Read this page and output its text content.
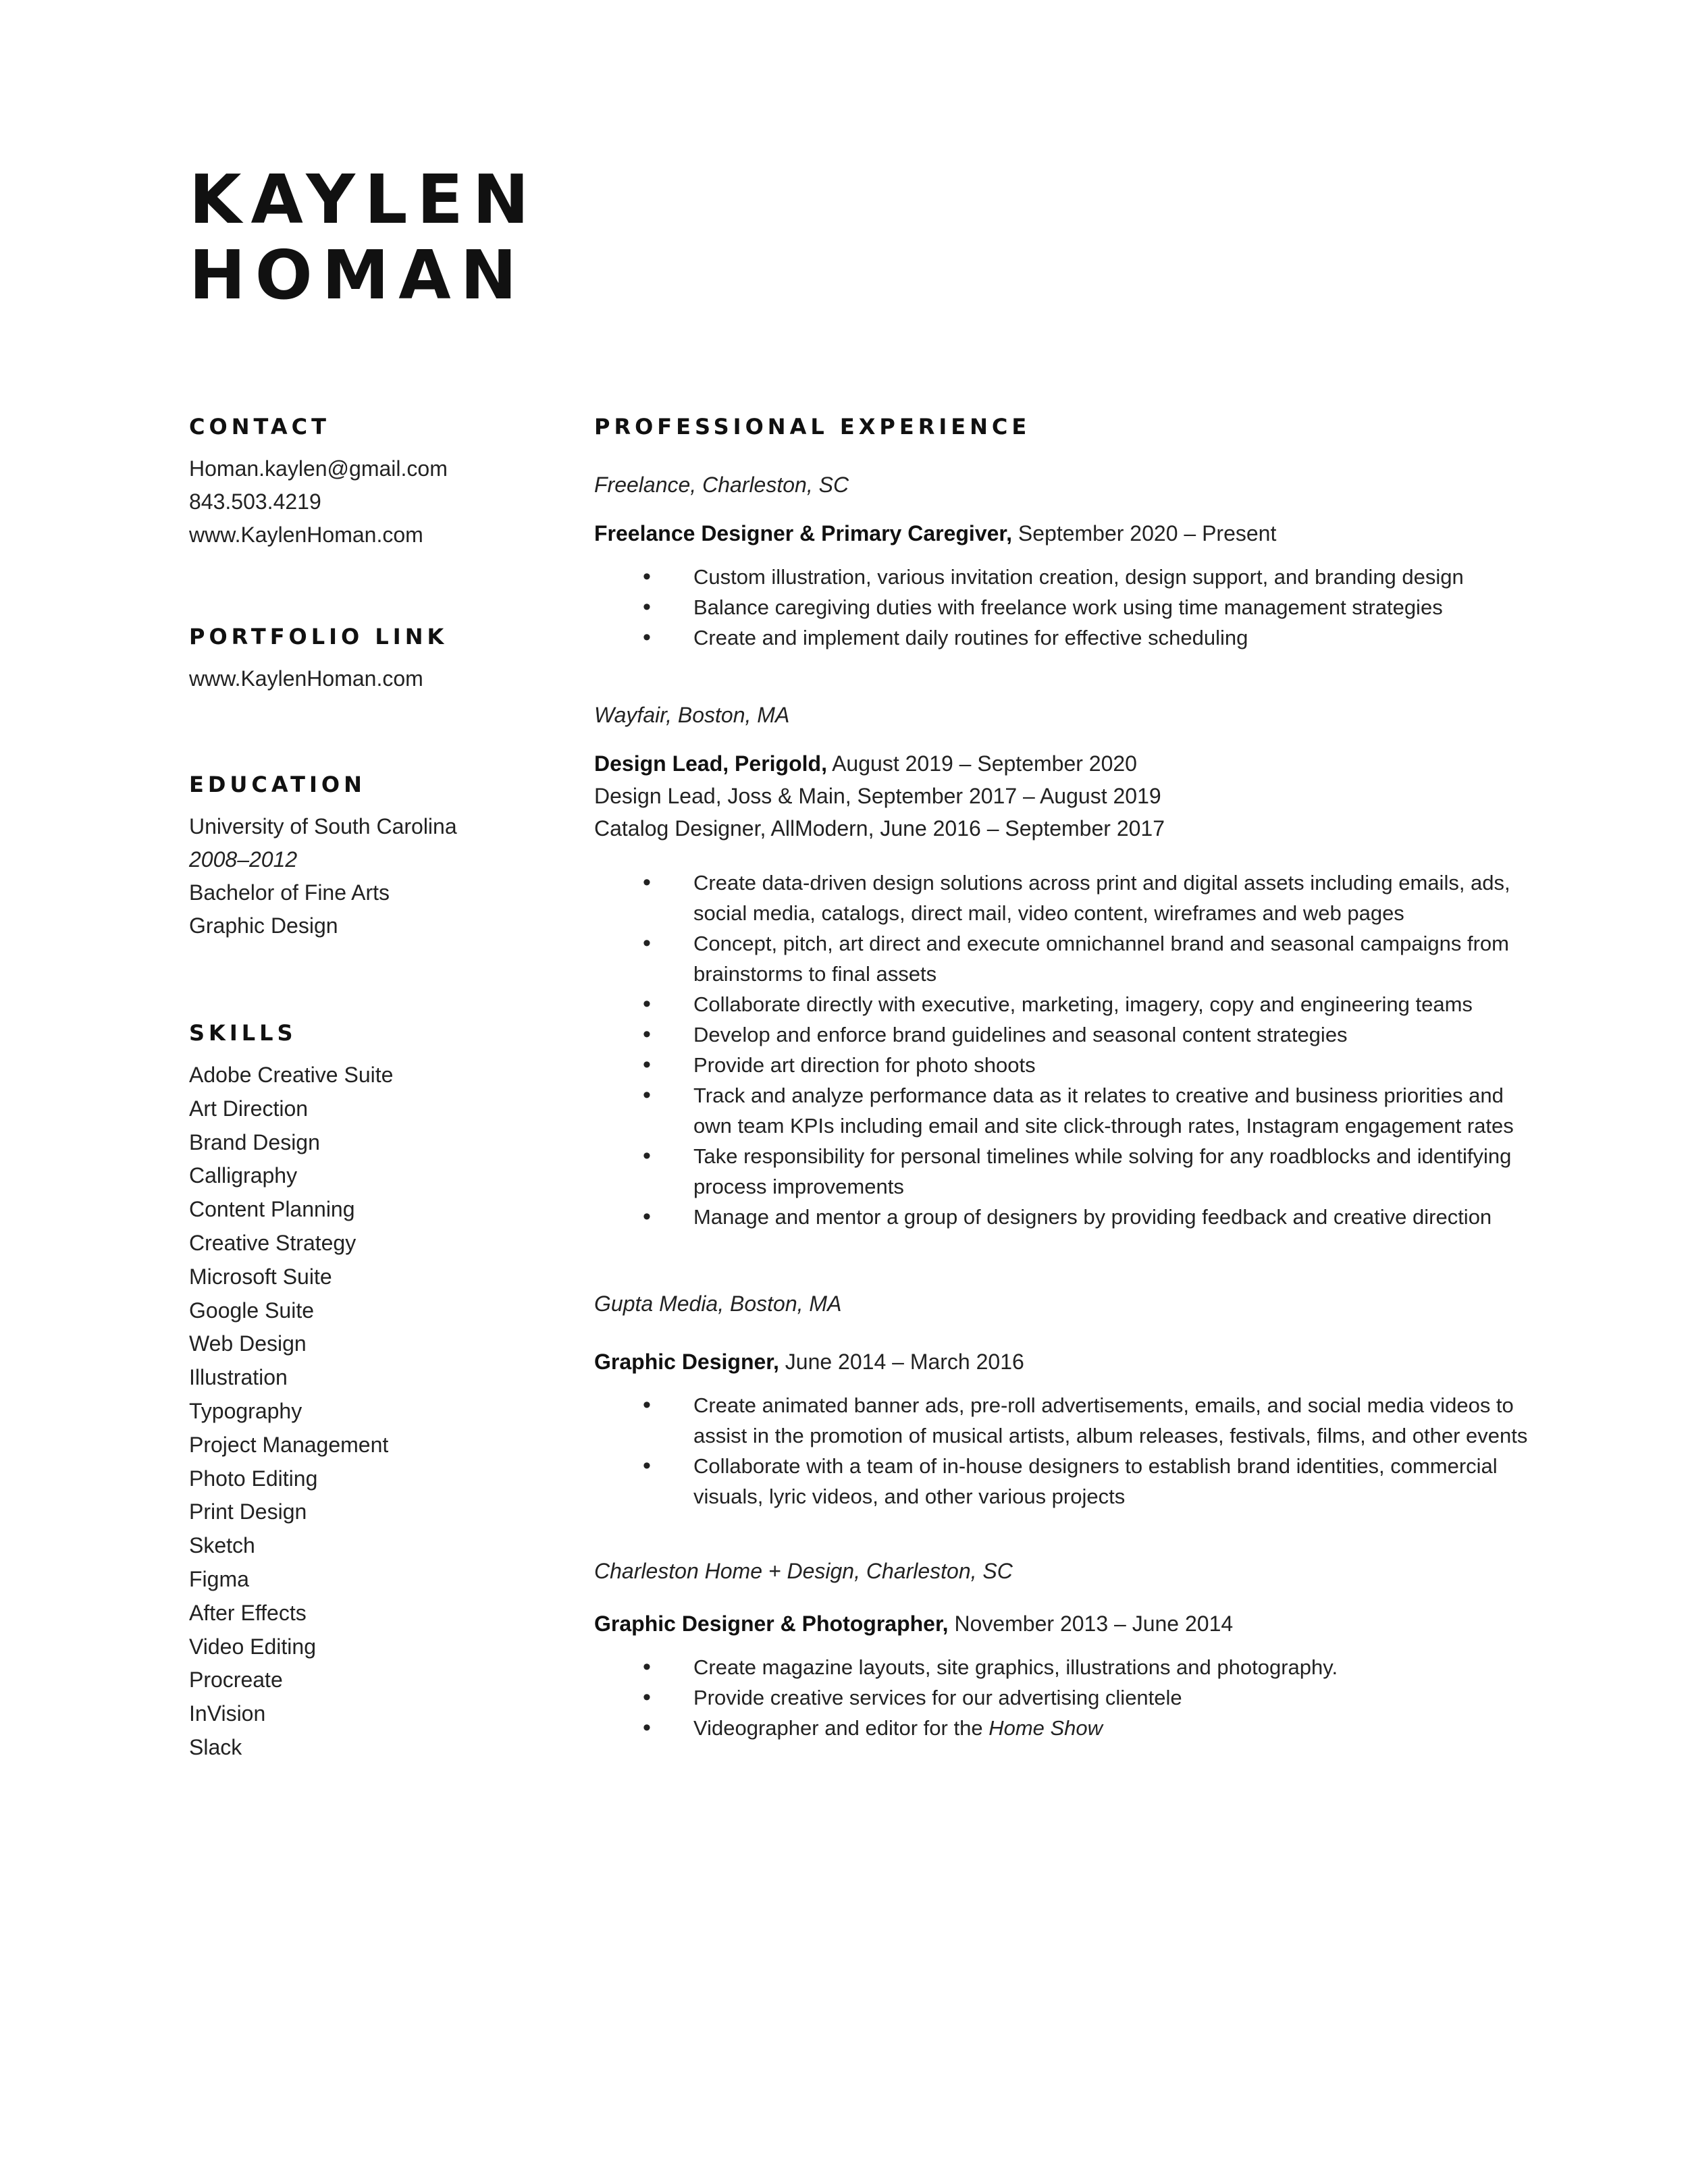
KAYLEN
HOMAN
CONTACT
Homan.kaylen@gmail.com
843.503.4219
www.KaylenHoman.com
PORTFOLIO LINK
www.KaylenHoman.com
EDUCATION
University of South Carolina
2008–2012
Bachelor of Fine Arts
Graphic Design
SKILLS
Adobe Creative Suite
Art Direction
Brand Design
Calligraphy
Content Planning
Creative Strategy
Microsoft Suite
Google Suite
Web Design
Illustration
Typography
Project Management
Photo Editing
Print Design
Sketch
Figma
After Effects
Video Editing
Procreate
InVision
Slack
PROFESSIONAL EXPERIENCE
Freelance, Charleston, SC
Freelance Designer & Primary Caregiver, September 2020 – Present
• Custom illustration, various invitation creation, design support, and branding design
• Balance caregiving duties with freelance work using time management strategies
• Create and implement daily routines for effective scheduling
Wayfair, Boston, MA
Design Lead, Perigold, August 2019 – September 2020
Design Lead, Joss & Main, September 2017 – August 2019
Catalog Designer, AllModern, June 2016 – September 2017
• Create data-driven design solutions across print and digital assets including emails, ads, social media, catalogs, direct mail, video content, wireframes and web pages
• Concept, pitch, art direct and execute omnichannel brand and seasonal campaigns from brainstorms to final assets
• Collaborate directly with executive, marketing, imagery, copy and engineering teams
• Develop and enforce brand guidelines and seasonal content strategies
• Provide art direction for photo shoots
• Track and analyze performance data as it relates to creative and business priorities and own team KPIs including email and site click-through rates, Instagram engagement rates
• Take responsibility for personal timelines while solving for any roadblocks and identifying process improvements
• Manage and mentor a group of designers by providing feedback and creative direction
Gupta Media, Boston, MA
Graphic Designer, June 2014 – March 2016
• Create animated banner ads, pre-roll advertisements, emails, and social media videos to assist in the promotion of musical artists, album releases, festivals, films, and other events
• Collaborate with a team of in-house designers to establish brand identities, commercial visuals, lyric videos, and other various projects
Charleston Home + Design, Charleston, SC
Graphic Designer & Photographer, November 2013 – June 2014
• Create magazine layouts, site graphics, illustrations and photography.
• Provide creative services for our advertising clientele
• Videographer and editor for the Home Show
